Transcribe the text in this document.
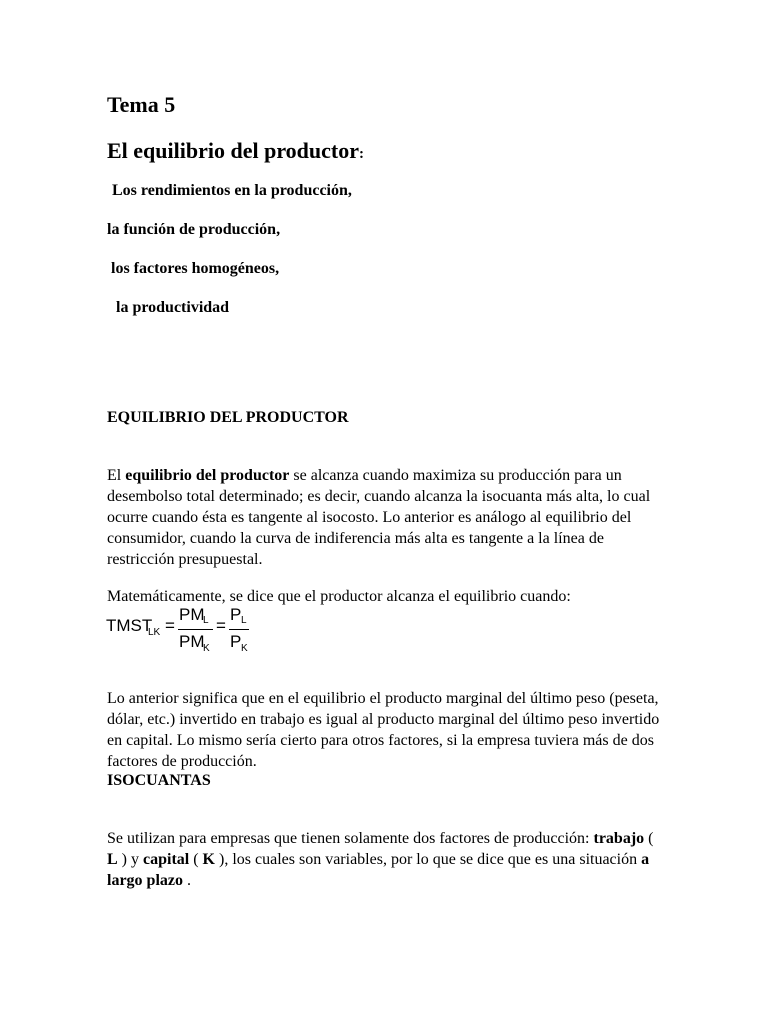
Tema 5
El equilibrio del productor:
Los rendimientos en la producción,
la función de producción,
los factores homogéneos,
la productividad
EQUILIBRIO DEL PRODUCTOR

El equilibrio del productor se alcanza cuando maximiza su producción para un desembolso total determinado; es decir, cuando alcanza la isocuanta más alta, lo cual ocurre cuando ésta es tangente al isocosto. Lo anterior es análogo al equilibrio del consumidor, cuando la curva de indiferencia más alta es tangente a la línea de restricción presupuestal.

Matemáticamente, se dice que el productor alcanza el equilibrio cuando:

TMST
LK =
PM
L
PM
K
=
P L
P K

Lo anterior significa que en el equilibrio el producto marginal del último peso (peseta, dólar, etc.) invertido en trabajo es igual al producto marginal del último peso invertido en capital. Lo mismo sería cierto para otros factores, si la empresa tuviera más de dos factores de producción.

ISOCUANTAS

Se utilizan para empresas que tienen solamente dos factores de producción: trabajo ( L ) y capital ( K ), los cuales son variables, por lo que se dice que es una situación a largo plazo .
